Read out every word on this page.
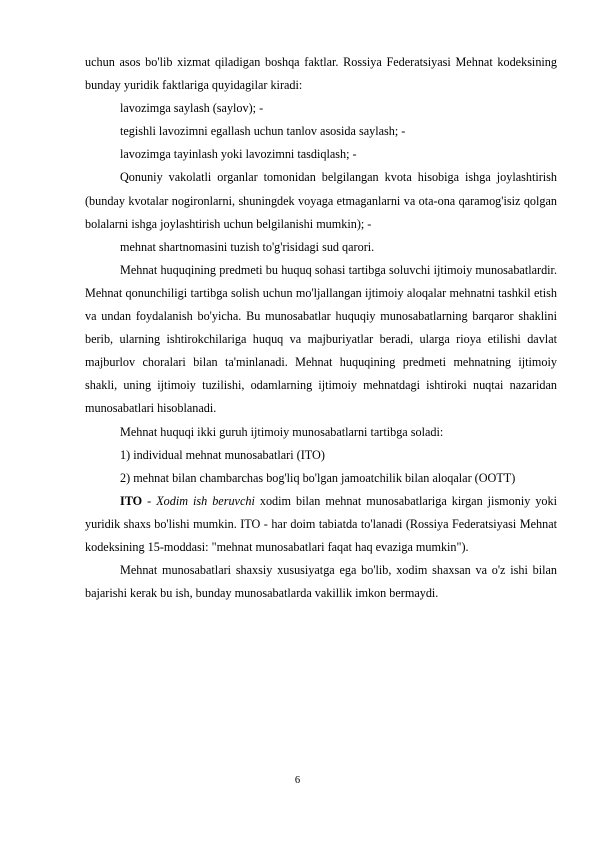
uchun asos bo'lib xizmat qiladigan boshqa faktlar. Rossiya Federatsiyasi Mehnat kodeksining bunday yuridik faktlariga quyidagilar kiradi:

lavozimga saylash (saylov); -

tegishli lavozimni egallash uchun tanlov asosida saylash; -

lavozimga tayinlash yoki lavozimni tasdiqlash; -

Qonuniy vakolatli organlar tomonidan belgilangan kvota hisobiga ishga joylashtirish (bunday kvotalar nogironlarni, shuningdek voyaga etmaganlarni va ota-ona qaramog'isiz qolgan bolalarni ishga joylashtirish uchun belgilanishi mumkin); -

mehnat shartnomasini tuzish to'g'risidagi sud qarori.

Mehnat huquqining predmeti bu huquq sohasi tartibga soluvchi ijtimoiy munosabatlardir. Mehnat qonunchiligi tartibga solish uchun mo'ljallangan ijtimoiy aloqalar mehnatni tashkil etish va undan foydalanish bo'yicha. Bu munosabatlar huquqiy munosabatlarning barqaror shaklini berib, ularning ishtirokchilariga huquq va majburiyatlar beradi, ularga rioya etilishi davlat majburlov choralari bilan ta'minlanadi. Mehnat huquqining predmeti mehnatning ijtimoiy shakli, uning ijtimoiy tuzilishi, odamlarning ijtimoiy mehnatdagi ishtiroki nuqtai nazaridan munosabatlari hisoblanadi.

Mehnat huquqi ikki guruh ijtimoiy munosabatlarni tartibga soladi:

1) individual mehnat munosabatlari (ITO)

2) mehnat bilan chambarchas bog'liq bo'lgan jamoatchilik bilan aloqalar (OOTT)

ITO - Xodim ish beruvchi xodim bilan mehnat munosabatlariga kirgan jismoniy yoki yuridik shaxs bo'lishi mumkin. ITO - har doim tabiatda to'lanadi (Rossiya Federatsiyasi Mehnat kodeksining 15-moddasi: "mehnat munosabatlari faqat haq evaziga mumkin").

Mehnat munosabatlari shaxsiy xususiyatga ega bo'lib, xodim shaxsan va o'z ishi bilan bajarishi kerak bu ish, bunday munosabatlarda vakillik imkon bermaydi.

6
